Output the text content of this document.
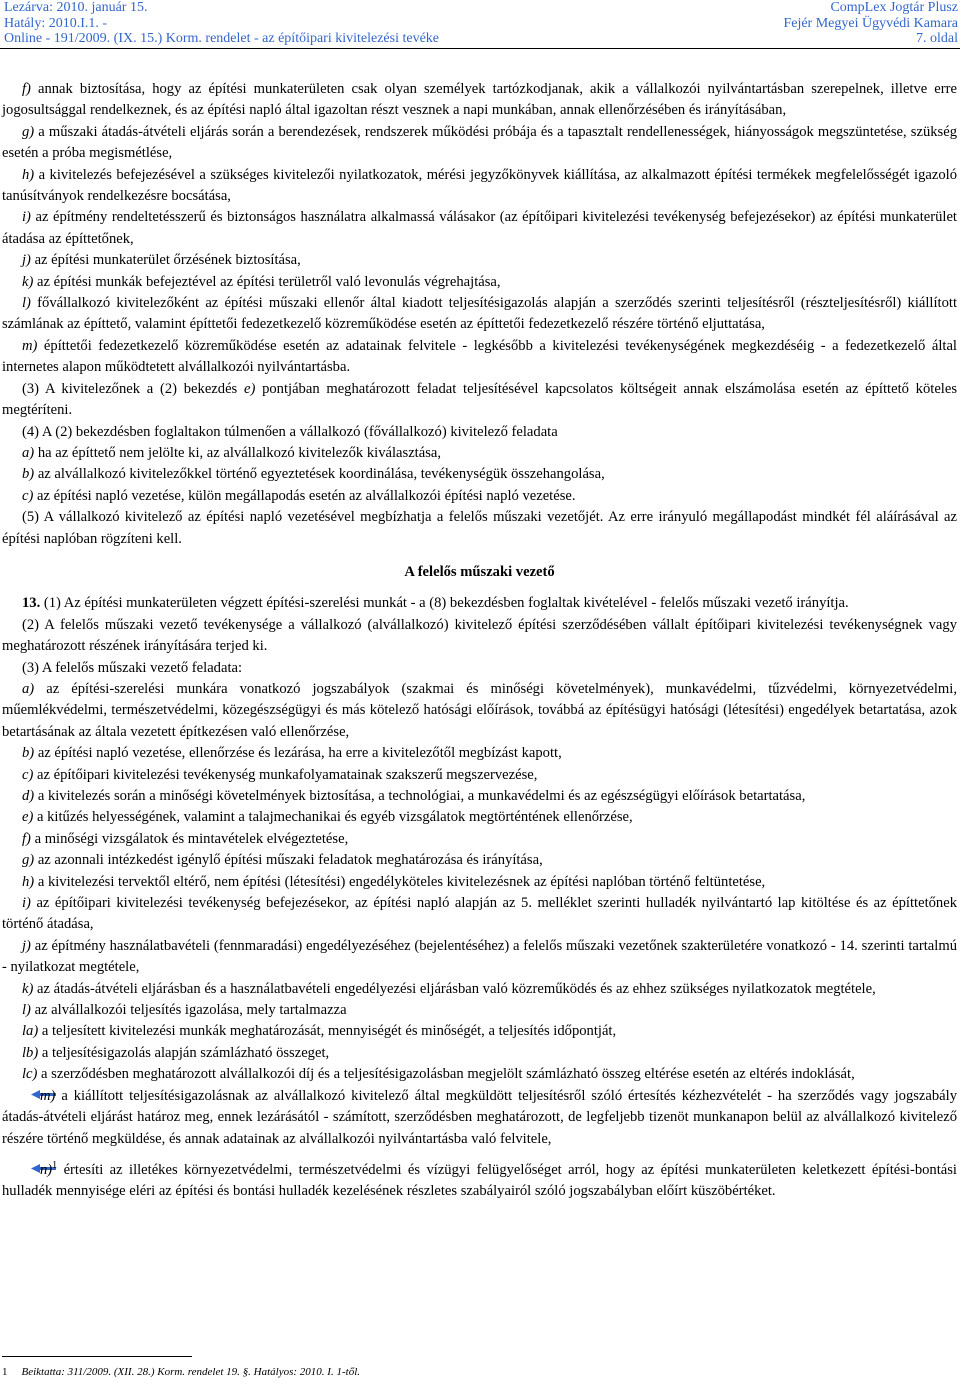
Lezárva: 2010. január 15.
Hatály: 2010.I.1. -
Online - 191/2009. (IX. 15.) Korm. rendelet - az építőipari kivitelezési tevéke
CompLex Jogtár Plusz
Fejér Megyei Ügyvédi Kamara
7. oldal

f) annak biztosítása, hogy az építési munkaterületen csak olyan személyek tartózkodjanak, akik a vállalkozói nyilvántartásban szerepelnek, illetve erre jogosultsággal rendelkeznek, és az építési napló által igazoltan részt vesznek a napi munkában, annak ellenőrzésében és irányításában,

g) a műszaki átadás-átvételi eljárás során a berendezések, rendszerek működési próbája és a tapasztalt rendellenességek, hiányosságok megszüntetése, szükség esetén a próba megismétlése,

h) a kivitelezés befejezésével a szükséges kivitelezői nyilatkozatok, mérési jegyzőkönyvek kiállítása, az alkalmazott építési termékek megfelelősségét igazoló tanúsítványok rendelkezésre bocsátása,

i) az építmény rendeltetésszerű és biztonságos használatra alkalmassá válásakor (az építőipari kivitelezési tevékenység befejezésekor) az építési munkaterület átadása az építtetőnek,

j) az építési munkaterület őrzésének biztosítása,

k) az építési munkák befejeztével az építési területről való levonulás végrehajtása,

l) fővállalkozó kivitelezőként az építési műszaki ellenőr által kiadott teljesítésigazolás alapján a szerződés szerinti teljesítésről (részteljesítésről) kiállított számlának az építtető, valamint építtetői fedezetkezelő közreműködése esetén az építtetői fedezetkezelő részére történő eljuttatása,

m) építtetői fedezetkezelő közreműködése esetén az adatainak felvitele - legkésőbb a kivitelezési tevékenységének megkezdéséig - a fedezetkezelő által internetes alapon működtetett alvállalkozói nyilvántartásba.

(3) A kivitelezőnek a (2) bekezdés e) pontjában meghatározott feladat teljesítésével kapcsolatos költségeit annak elszámolása esetén az építtető köteles megtéríteni.

(4) A (2) bekezdésben foglaltakon túlmenően a vállalkozó (fővállalkozó) kivitelező feladata

a) ha az építtető nem jelölte ki, az alvállalkozó kivitelezők kiválasztása,

b) az alvállalkozó kivitelezőkkel történő egyeztetések koordinálása, tevékenységük összehangolása,

c) az építési napló vezetése, külön megállapodás esetén az alvállalkozói építési napló vezetése.

(5) A vállalkozó kivitelező az építési napló vezetésével megbízhatja a felelős műszaki vezetőjét. Az erre irányuló megállapodást mindkét fél aláírásával az építési naplóban rögzíteni kell.

A felelős műszaki vezető

13. (1) Az építési munkaterületen végzett építési-szerelési munkát - a (8) bekezdésben foglaltak kivételével - felelős műszaki vezető irányítja.

(2) A felelős műszaki vezető tevékenysége a vállalkozó (alvállalkozó) kivitelező építési szerződésében vállalt építőipari kivitelezési tevékenységnek vagy meghatározott részének irányítására terjed ki.

(3) A felelős műszaki vezető feladata:

a) az építési-szerelési munkára vonatkozó jogszabályok (szakmai és minőségi követelmények), munkavédelmi, tűzvédelmi, környezetvédelmi, műemlékvédelmi, természetvédelmi, közegészségügyi és más kötelező hatósági előírások, továbbá az építésügyi hatósági (létesítési) engedélyek betartatása, azok betartásának az általa vezetett építkezésen való ellenőrzése,

b) az építési napló vezetése, ellenőrzése és lezárása, ha erre a kivitelezőtől megbízást kapott,

c) az építőipari kivitelezési tevékenység munkafolyamatainak szakszerű megszervezése,

d) a kivitelezés során a minőségi követelmények biztosítása, a technológiai, a munkavédelmi és az egészségügyi előírások betartatása,

e) a kitűzés helyességének, valamint a talajmechanikai és egyéb vizsgálatok megtörténtének ellenőrzése,

f) a minőségi vizsgálatok és mintavételek elvégeztetése,

g) az azonnali intézkedést igénylő építési műszaki feladatok meghatározása és irányítása,

h) a kivitelezési tervektől eltérő, nem építési (létesítési) engedélyköteles kivitelezésnek az építési naplóban történő feltüntetése,

i) az építőipari kivitelezési tevékenység befejezésekor, az építési napló alapján az 5. melléklet szerinti hulladék nyilvántartó lap kitöltése és az építtetőnek történő átadása,

j) az építmény használatbavételi (fennmaradási) engedélyezéséhez (bejelentéséhez) a felelős műszaki vezetőnek szakterületére vonatkozó - 14. szerinti tartalmú - nyilatkozat megtétele,

k) az átadás-átvételi eljárásban és a használatbavételi engedélyezési eljárásban való közreműködés és az ehhez szükséges nyilatkozatok megtétele,

l) az alvállalkozói teljesítés igazolása, mely tartalmazza

la) a teljesített kivitelezési munkák meghatározását, mennyiségét és minőségét, a teljesítés időpontját,

lb) a teljesítésigazolás alapján számlázható összeget,

lc) a szerződésben meghatározott alvállalkozói díj és a teljesítésigazolásban megjelölt számlázható összeg eltérése esetén az eltérés indoklását,

m) a kiállított teljesítésigazolásnak az alvállalkozó kivitelező által megküldött teljesítésről szóló értesítés kézhezvételét - ha szerződés vagy jogszabály átadás-átvételi eljárást határoz meg, ennek lezárásától - számított, szerződésben meghatározott, de legfeljebb tizenöt munkanapon belül az alvállalkozó kivitelező részére történő megküldése, és annak adatainak az alvállalkozói nyilvántartásba való felvitele,

n)$^1$ értesíti az illetékes környezetvédelmi, természetvédelmi és vízügyi felügyelőséget arról, hogy az építési munkaterületen keletkezett építési-bontási hulladék mennyisége eléri az építési és bontási hulladék kezelésének részletes szabályairól szóló jogszabályban előírt küszöbértéket.

1 Beiktatta: 311/2009. (XII. 28.) Korm. rendelet 19. §. Hatályos: 2010. I. 1-től.
